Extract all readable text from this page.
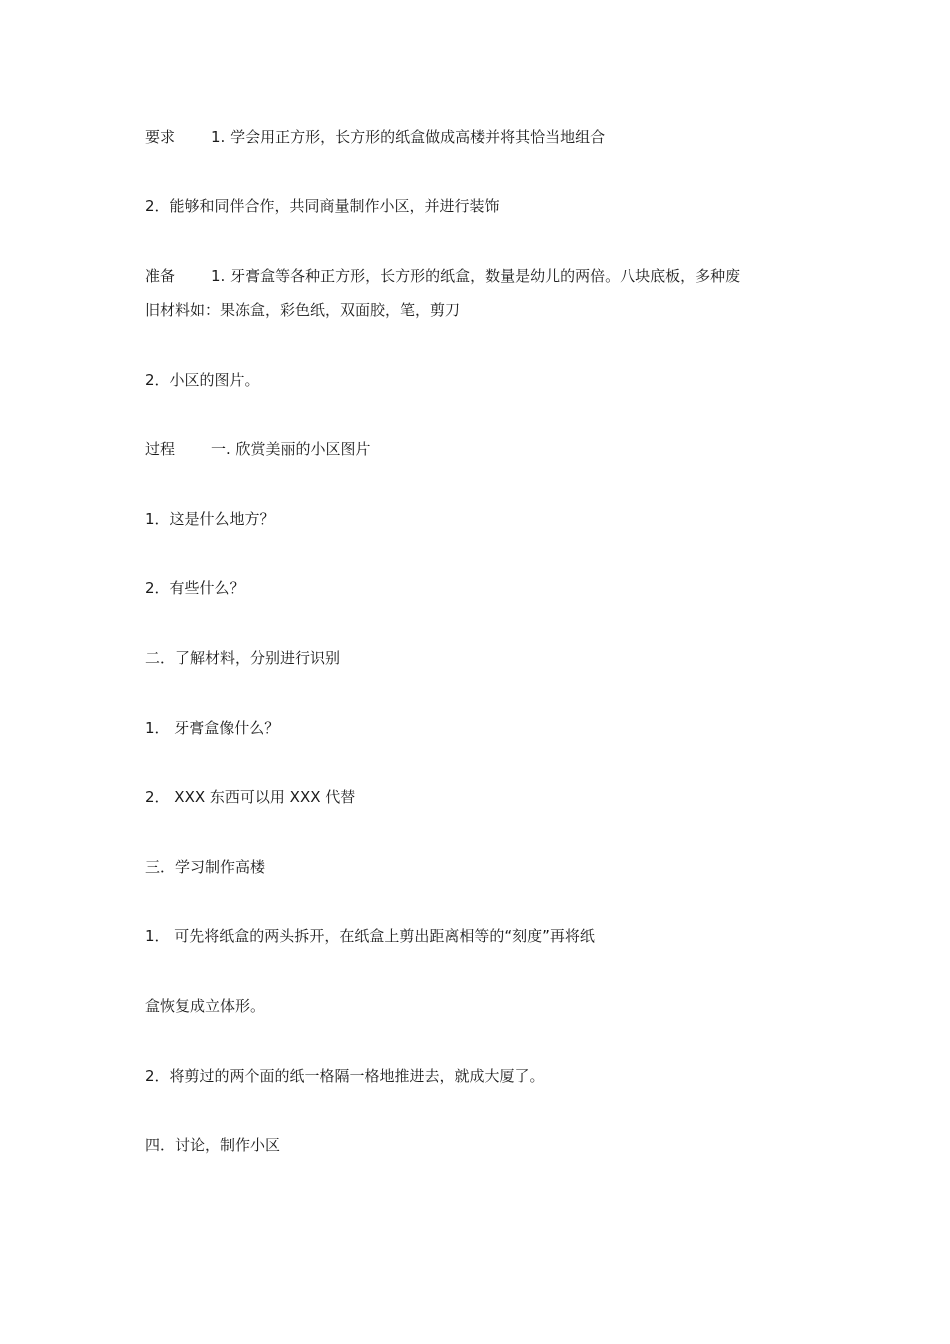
要求 1. 学会用正方形，长方形的纸盒做成高楼并将其恰当地组合
2．能够和同伴合作，共同商量制作小区，并进行装饰
准备 1. 牙膏盒等各种正方形，长方形的纸盒，数量是幼儿的两倍。八块底板，多种废
旧材料如：果冻盒，彩色纸，双面胶，笔，剪刀
2．小区的图片。
过程 一. 欣赏美丽的小区图片
1．这是什么地方？
2．有些什么？
二．了解材料，分别进行识别
1． 牙膏盒像什么？
2． XXX 东西可以用 XXX 代替
三．学习制作高楼
1． 可先将纸盒的两头拆开，在纸盒上剪出距离相等的“刻度”再将纸
盒恢复成立体形。
2．将剪过的两个面的纸一格隔一格地推进去，就成大厦了。
四．讨论，制作小区
